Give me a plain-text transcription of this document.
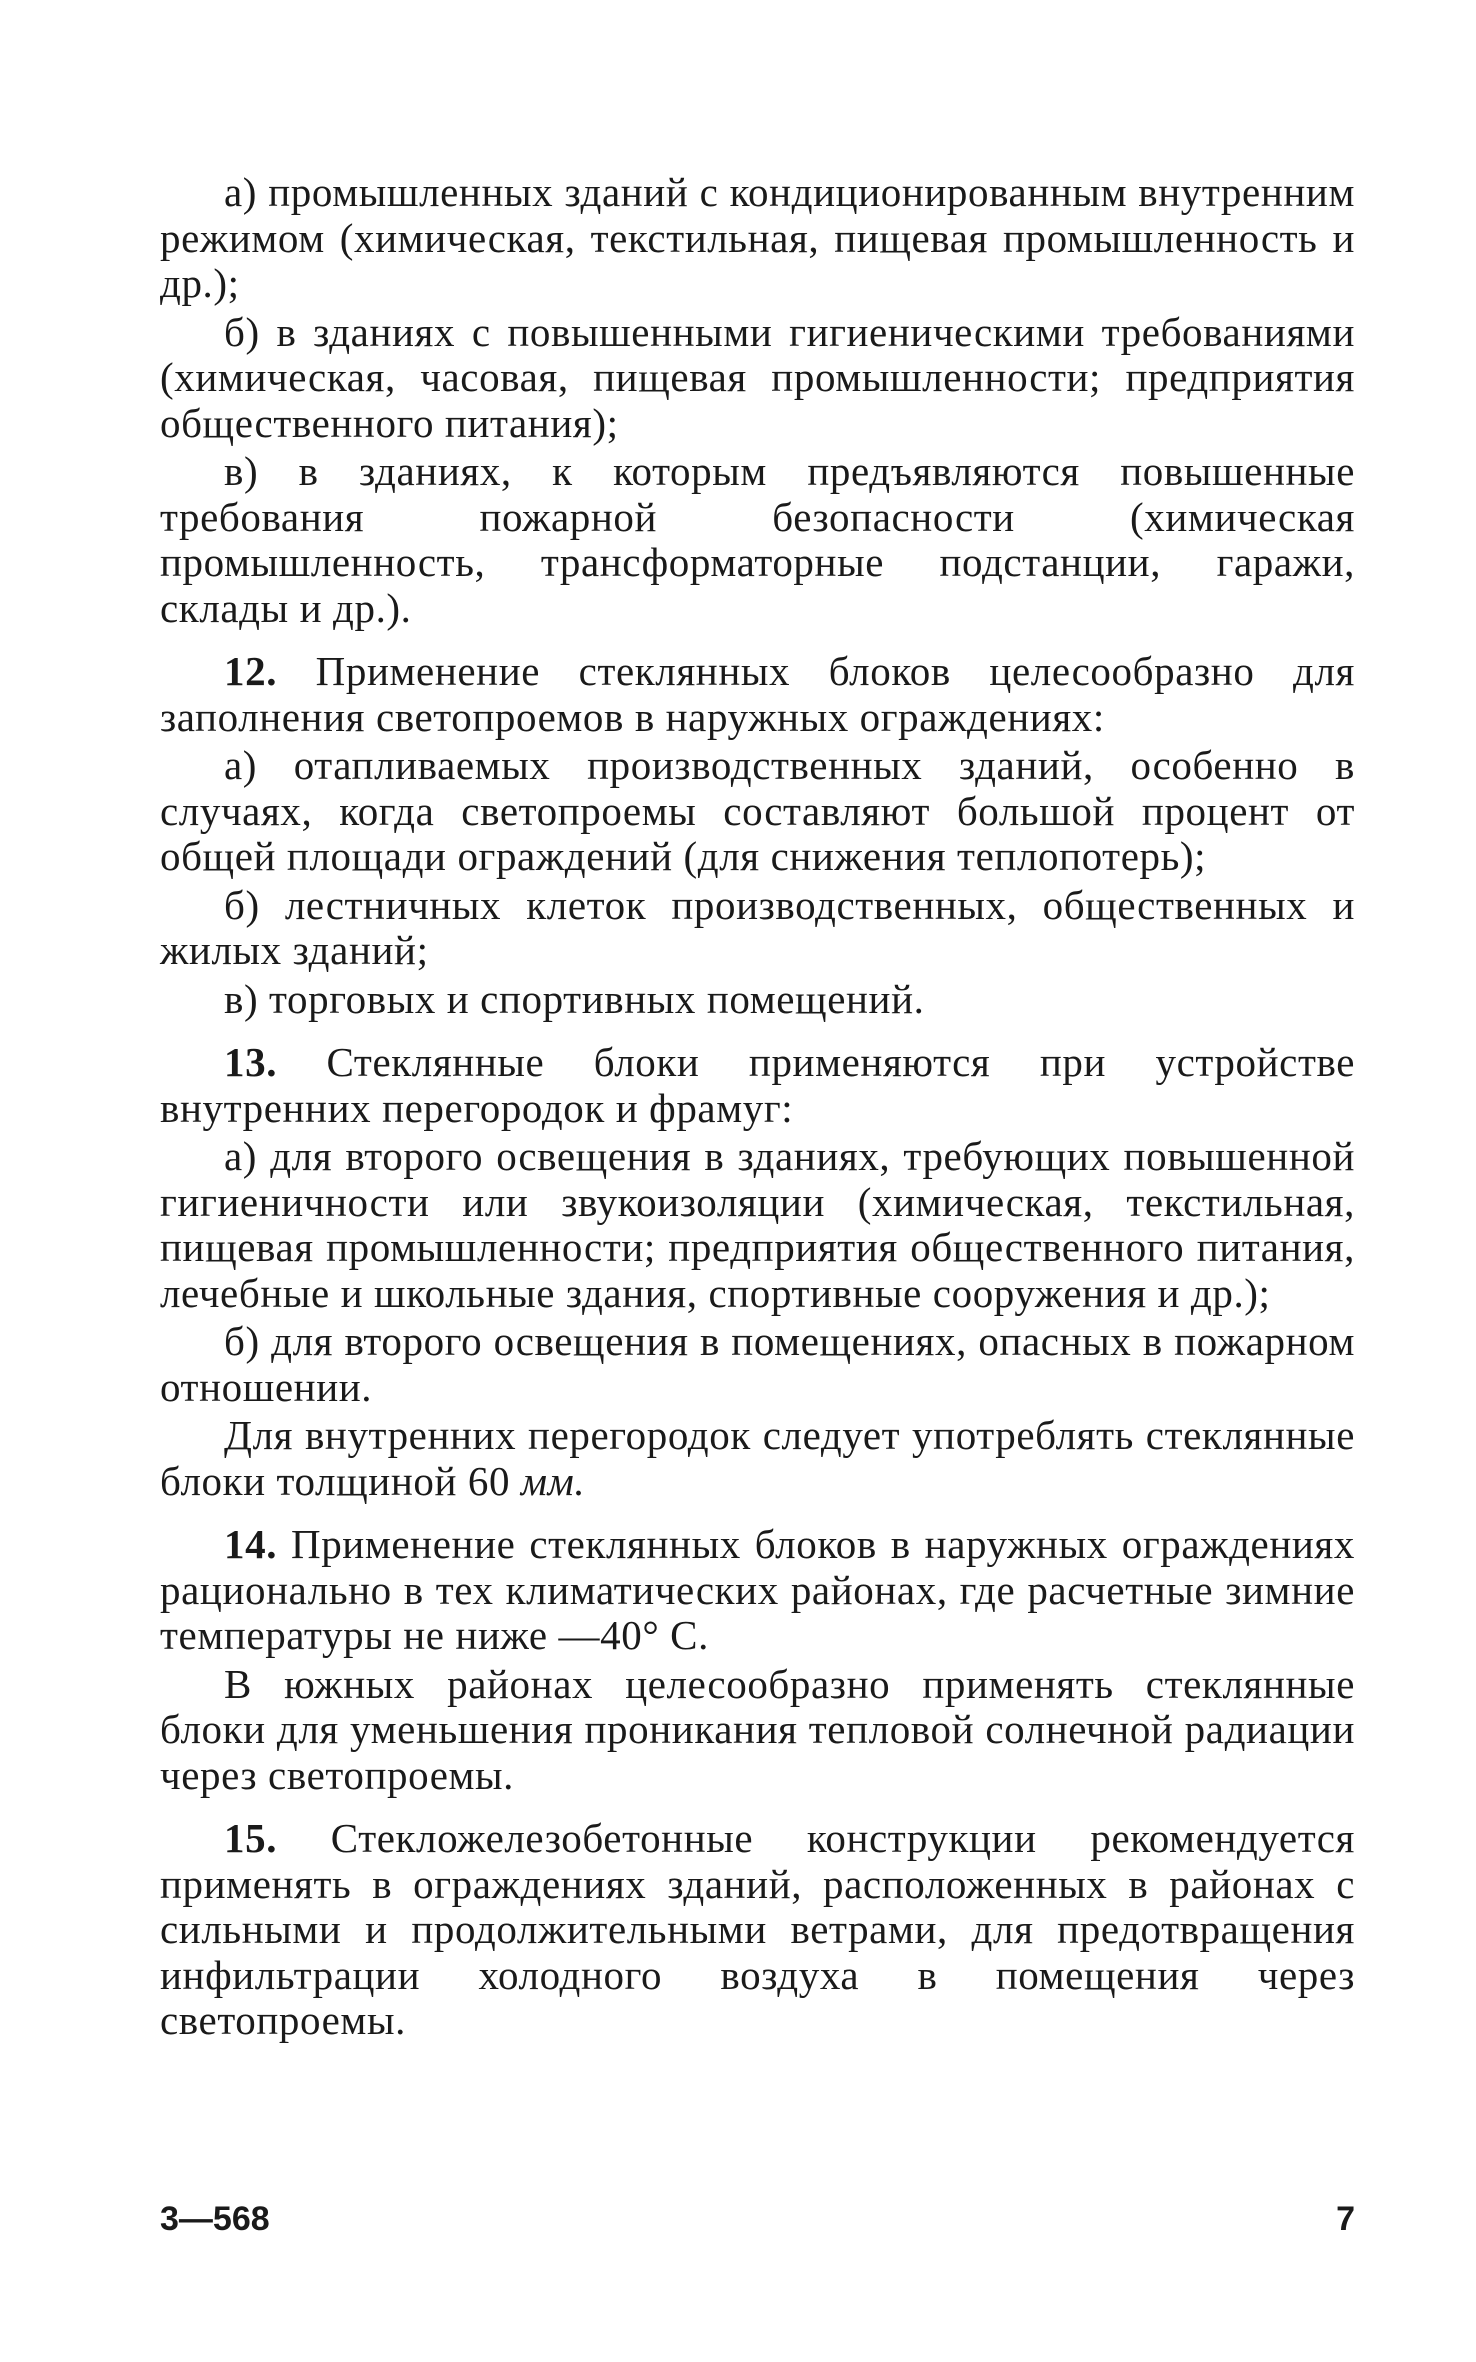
а) промышленных зданий с кондиционированным внутренним режимом (химическая, текстильная, пищевая промышленность и др.);

б) в зданиях с повышенными гигиеническими требованиями (химическая, часовая, пищевая промышленности; предприятия общественного питания);

в) в зданиях, к которым предъявляются повышенные требования пожарной безопасности (химическая промышленность, трансформаторные подстанции, гаражи, склады и др.).

12. Применение стеклянных блоков целесообразно для заполнения светопроемов в наружных ограждениях:

а) отапливаемых производственных зданий, особенно в случаях, когда светопроемы составляют большой процент от общей площади ограждений (для снижения теплопотерь);

б) лестничных клеток производственных, общественных и жилых зданий;

в) торговых и спортивных помещений.

13. Стеклянные блоки применяются при устройстве внутренних перегородок и фрамуг:

а) для второго освещения в зданиях, требующих повышенной гигиеничности или звукоизоляции (химическая, текстильная, пищевая промышленности; предприятия общественного питания, лечебные и школьные здания, спортивные сооружения и др.);

б) для второго освещения в помещениях, опасных в пожарном отношении.

Для внутренних перегородок следует употреблять стеклянные блоки толщиной 60 мм.

14. Применение стеклянных блоков в наружных ограждениях рационально в тех климатических районах, где расчетные зимние температуры не ниже —40° С.

В южных районах целесообразно применять стеклянные блоки для уменьшения проникания тепловой солнечной радиации через светопроемы.

15. Стекложелезобетонные конструкции рекомендуется применять в ограждениях зданий, расположенных в районах с сильными и продолжительными ветрами, для предотвращения инфильтрации холодного воздуха в помещения через светопроемы.

3—568	7
